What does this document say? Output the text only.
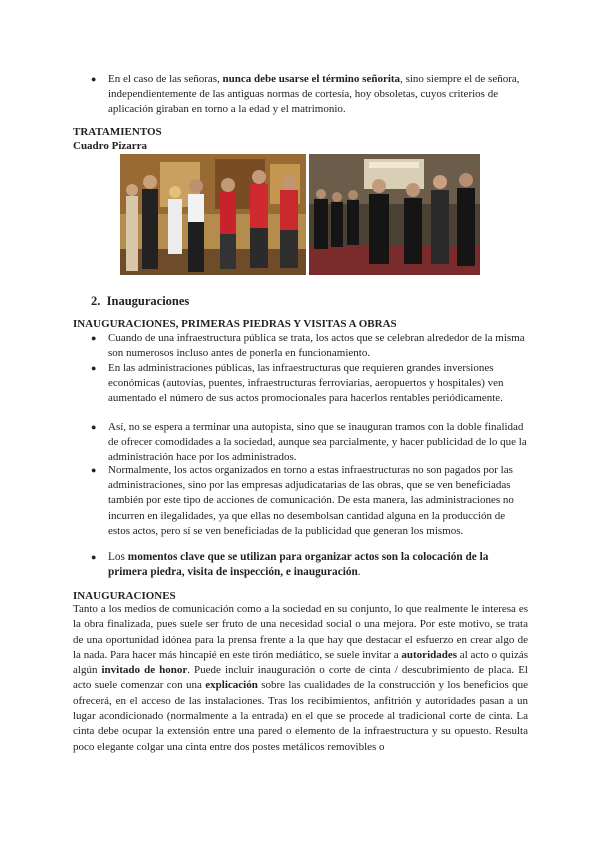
● En el caso de las señoras, nunca debe usarse el término señorita, sino siempre el de señora, independientemente de las antiguas normas de cortesía, hoy obsoletas, cuyos criterios de aplicación giraban en torno a la edad y el matrimonio.

TRATAMIENTOS

Cuadro Pizarra

2. Inauguraciones

INAUGURACIONES, PRIMERAS PIEDRAS Y VISITAS A OBRAS

● Cuando de una infraestructura pública se trata, los actos que se celebran alrededor de la misma son numerosos incluso antes de ponerla en funcionamiento.

● En las administraciones públicas, las infraestructuras que requieren grandes inversiones económicas (autovías, puentes, infraestructuras ferroviarias, aeropuertos y hospitales) ven aumentado el número de sus actos promocionales para hacerlos rentables periódicamente.

● Así, no se espera a terminar una autopista, sino que se inauguran tramos con la doble finalidad de ofrecer comodidades a la sociedad, aunque sea parcialmente, y hacer publicidad de lo que la administración hace por los administrados.

● Normalmente, los actos organizados en torno a estas infraestructuras no son pagados por las administraciones, sino por las empresas adjudicatarias de las obras, que se ven beneficiadas también por este tipo de acciones de comunicación. De esta manera, las administraciones no incurren en ilegalidades, ya que ellas no desembolsan cantidad alguna en la producción de estos actos, pero sí se ven beneficiadas de la publicidad que generan los mismos.

● Los momentos clave que se utilizan para organizar actos son la colocación de la primera piedra, visita de inspección, e inauguración.

INAUGURACIONES

Tanto a los medios de comunicación como a la sociedad en su conjunto, lo que realmente le interesa es la obra finalizada, pues suele ser fruto de una necesidad social o una mejora. Por este motivo, se trata de una oportunidad idónea para la prensa frente a la que hay que destacar el esfuerzo en crear algo de la nada. Para hacer más hincapié en este tirón mediático, se suele invitar a autoridades al acto o quizás algún invitado de honor. Puede incluir inauguración o corte de cinta / descubrimiento de placa. El acto suele comenzar con una explicación sobre las cualidades de la construcción y los beneficios que ofrecerá, en el acceso de las instalaciones. Tras los recibimientos, anfitrión y autoridades pasan a un lugar acondicionado (normalmente a la entrada) en el que se procede al tradicional corte de cinta. La cinta debe ocupar la extensión entre una pared o elemento de la infraestructura y su opuesto. Resulta poco elegante colgar una cinta entre dos postes metálicos removibles o
